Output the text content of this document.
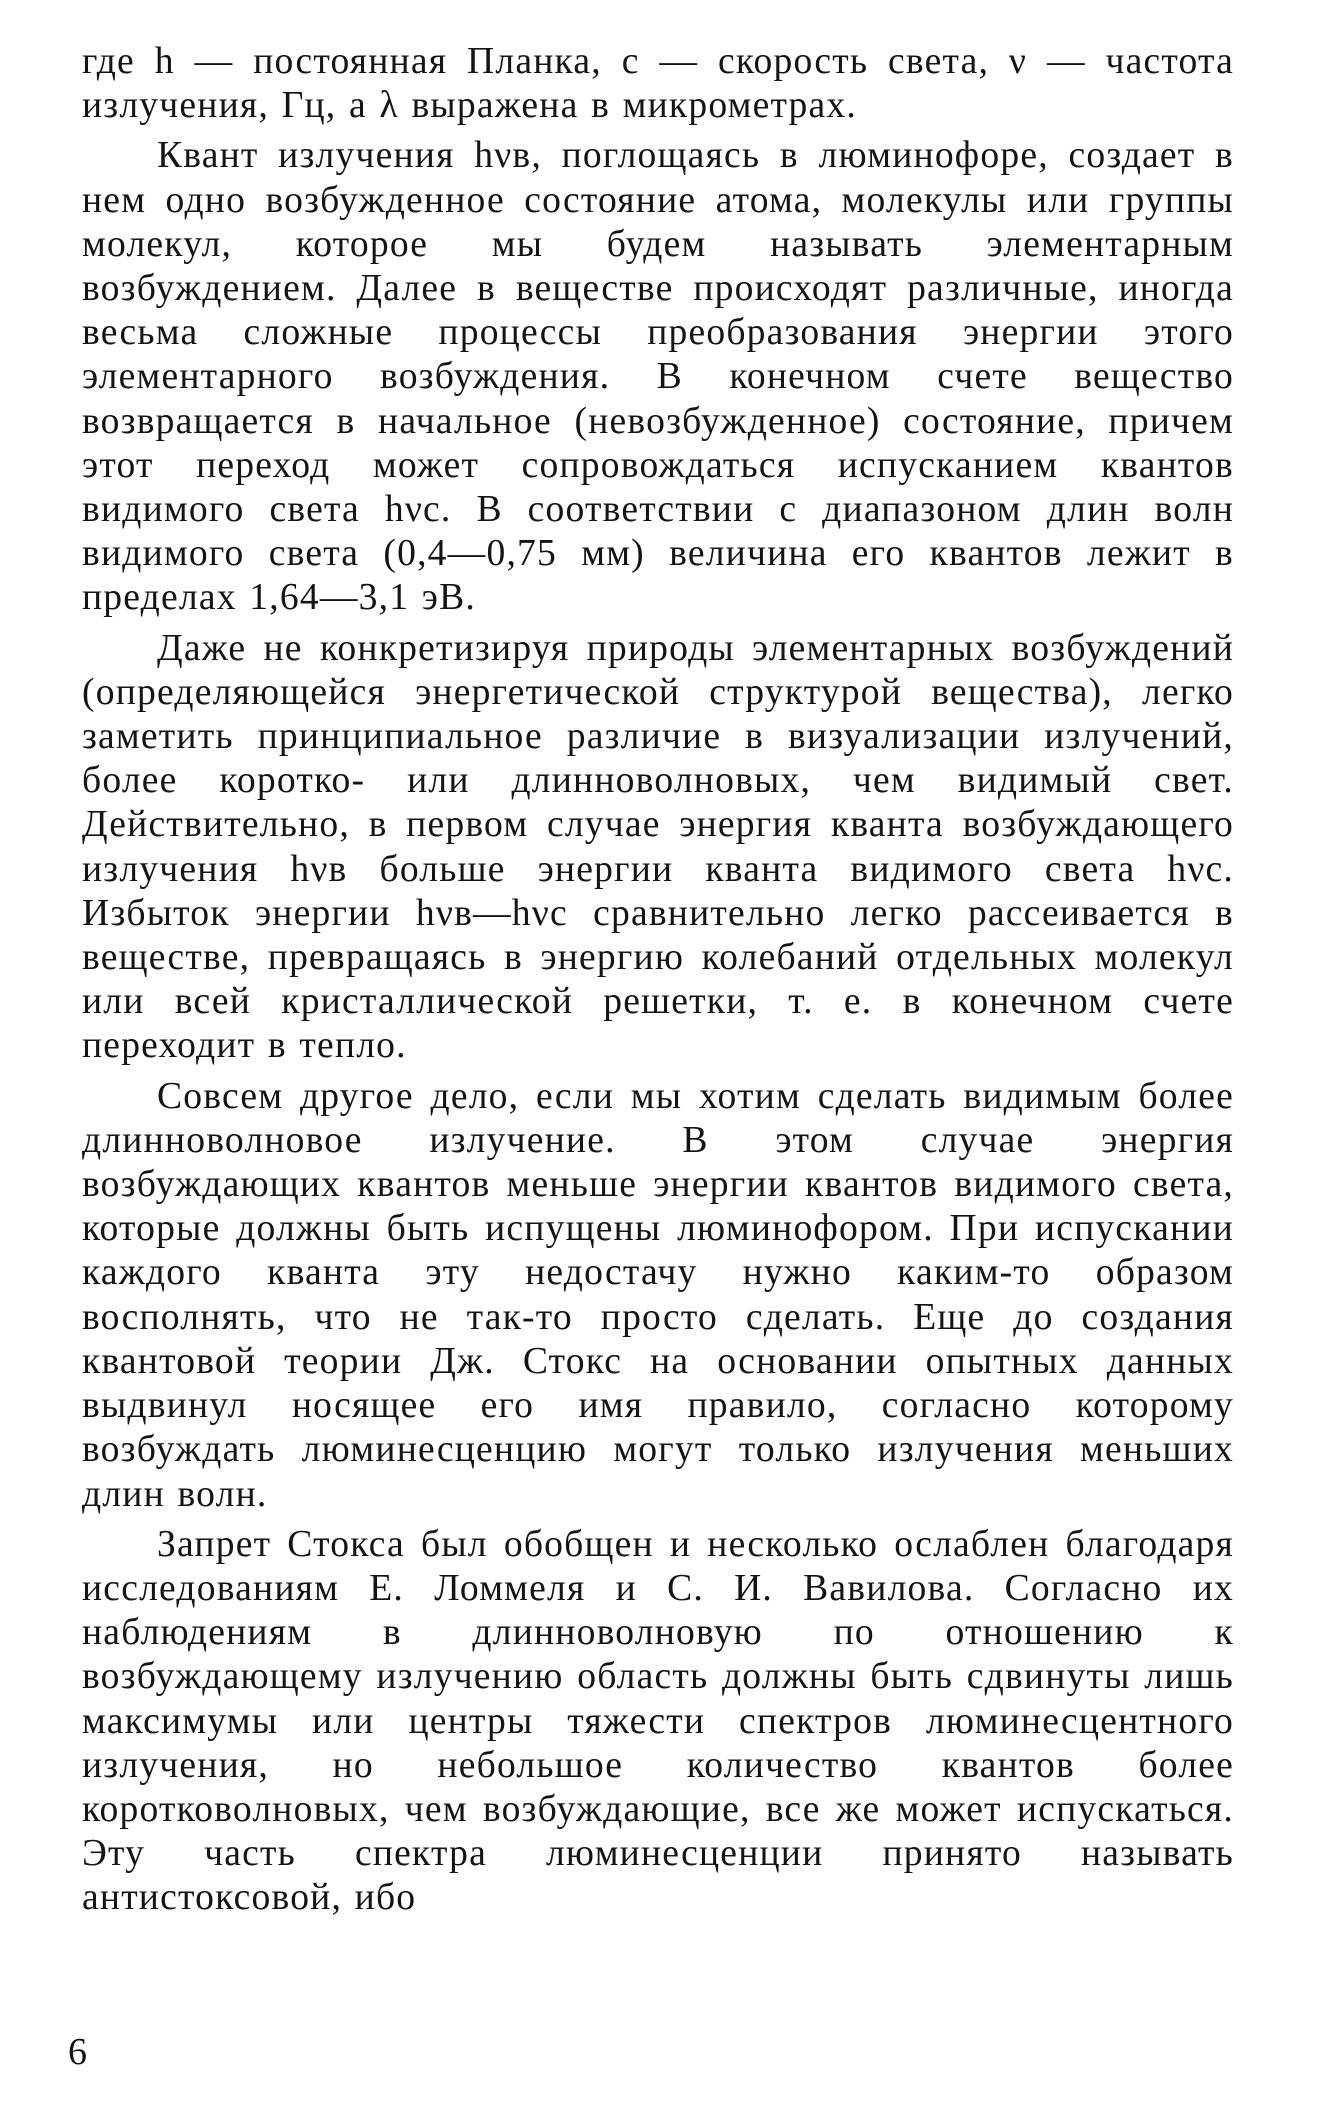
где h — постоянная Планка, c — скорость света, ν — частота излучения, Гц, а λ выражена в микрометрах.

Квант излучения hνв, поглощаясь в люминофоре, создает в нем одно возбужденное состояние атома, молекулы или группы молекул, которое мы будем называть элементарным возбуждением. Далее в веществе происходят различные, иногда весьма сложные процессы преобразования энергии этого элементарного возбуждения. В конечном счете вещество возвращается в начальное (невозбужденное) состояние, причем этот переход может сопровождаться испусканием квантов видимого света hνс. В соответствии с диапазоном длин волн видимого света (0,4—0,75 мм) величина его квантов лежит в пределах 1,64—3,1 эВ.

Даже не конкретизируя природы элементарных возбуждений (определяющейся энергетической структурой вещества), легко заметить принципиальное различие в визуализации излучений, более коротко- или длинноволновых, чем видимый свет. Действительно, в первом случае энергия кванта возбуждающего излучения hνв больше энергии кванта видимого света hνс. Избыток энергии hνв—hνс сравнительно легко рассеивается в веществе, превращаясь в энергию колебаний отдельных молекул или всей кристаллической решетки, т. е. в конечном счете переходит в тепло.

Совсем другое дело, если мы хотим сделать видимым более длинноволновое излучение. В этом случае энергия возбуждающих квантов меньше энергии квантов видимого света, которые должны быть испущены люминофором. При испускании каждого кванта эту недостачу нужно каким-то образом восполнять, что не так-то просто сделать. Еще до создания квантовой теории Дж. Стокс на основании опытных данных выдвинул носящее его имя правило, согласно которому возбуждать люминесценцию могут только излучения меньших длин волн.

Запрет Стокса был обобщен и несколько ослаблен благодаря исследованиям Е. Ломмеля и С. И. Вавилова. Согласно их наблюдениям в длинноволновую по отношению к возбуждающему излучению область должны быть сдвинуты лишь максимумы или центры тяжести спектров люминесцентного излучения, но небольшое количество квантов более коротковолновых, чем возбуждающие, все же может испускаться. Эту часть спектра люминесценции принято называть антистоксовой, ибо

6
